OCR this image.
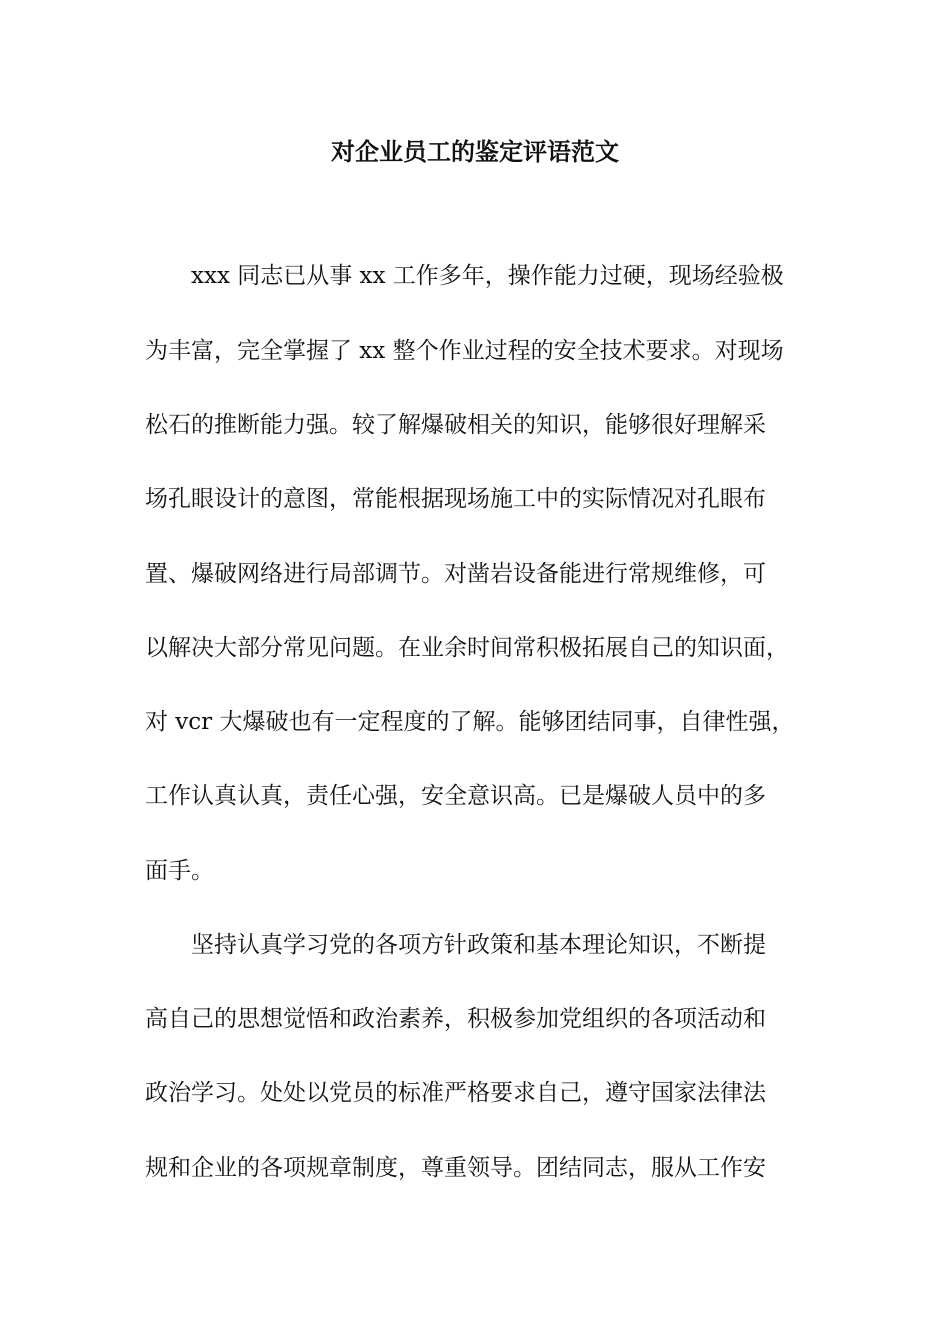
对企业员工的鉴定评语范文
　　xxx 同志已从事 xx 工作多年，操作能力过硬，现场经验极
为丰富，完全掌握了 xx 整个作业过程的安全技术要求。对现场
松石的推断能力强。较了解爆破相关的知识，能够很好理解采
场孔眼设计的意图，常能根据现场施工中的实际情况对孔眼布
置、爆破网络进行局部调节。对凿岩设备能进行常规维修，可
以解决大部分常见问题。在业余时间常积极拓展自己的知识面，
对 vcr 大爆破也有一定程度的了解。能够团结同事，自律性强，
工作认真认真，责任心强，安全意识高。已是爆破人员中的多
面手。
　　坚持认真学习党的各项方针政策和基本理论知识，不断提
高自己的思想觉悟和政治素养，积极参加党组织的各项活动和
政治学习。处处以党员的标准严格要求自己，遵守国家法律法
规和企业的各项规章制度，尊重领导。团结同志，服从工作安
